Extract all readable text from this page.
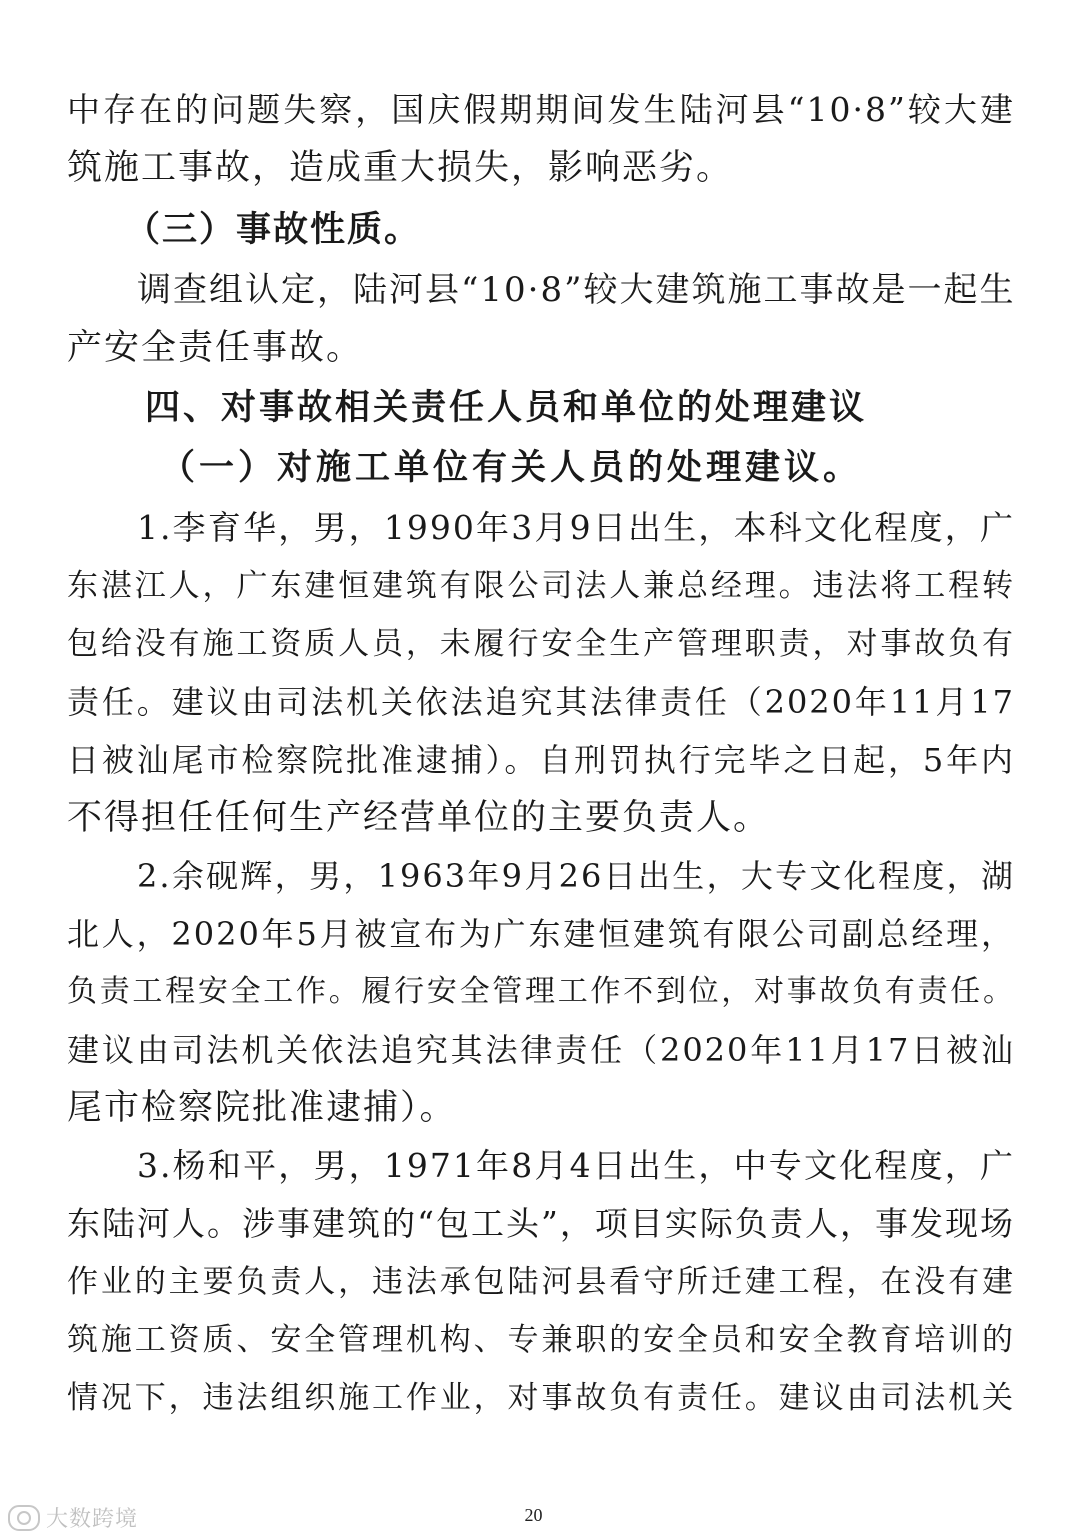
中存在的问题失察，国庆假期期间发生陆河县“10·8”较大建
筑施工事故，造成重大损失，影响恶劣。
（三）事故性质。
调查组认定，陆河县“10·8”较大建筑施工事故是一起生
产安全责任事故。
四、对事故相关责任人员和单位的处理建议
（一）对施工单位有关人员的处理建议。
1.李育华，男，1990年3月9日出生，本科文化程度，广
东湛江人，广东建恒建筑有限公司法人兼总经理。违法将工程转
包给没有施工资质人员，未履行安全生产管理职责，对事故负有
责任。建议由司法机关依法追究其法律责任（2020年11月17
日被汕尾市检察院批准逮捕）。自刑罚执行完毕之日起，5年内
不得担任任何生产经营单位的主要负责人。
2.余砚辉，男，1963年9月26日出生，大专文化程度，湖
北人，2020年5月被宣布为广东建恒建筑有限公司副总经理，
负责工程安全工作。履行安全管理工作不到位，对事故负有责任。
建议由司法机关依法追究其法律责任（2020年11月17日被汕
尾市检察院批准逮捕）。
3.杨和平，男，1971年8月4日出生，中专文化程度，广
东陆河人。涉事建筑的“包工头”，项目实际负责人，事发现场
作业的主要负责人，违法承包陆河县看守所迁建工程，在没有建
筑施工资质、安全管理机构、专兼职的安全员和安全教育培训的
情况下，违法组织施工作业，对事故负有责任。建议由司法机关
大数跨境	20
